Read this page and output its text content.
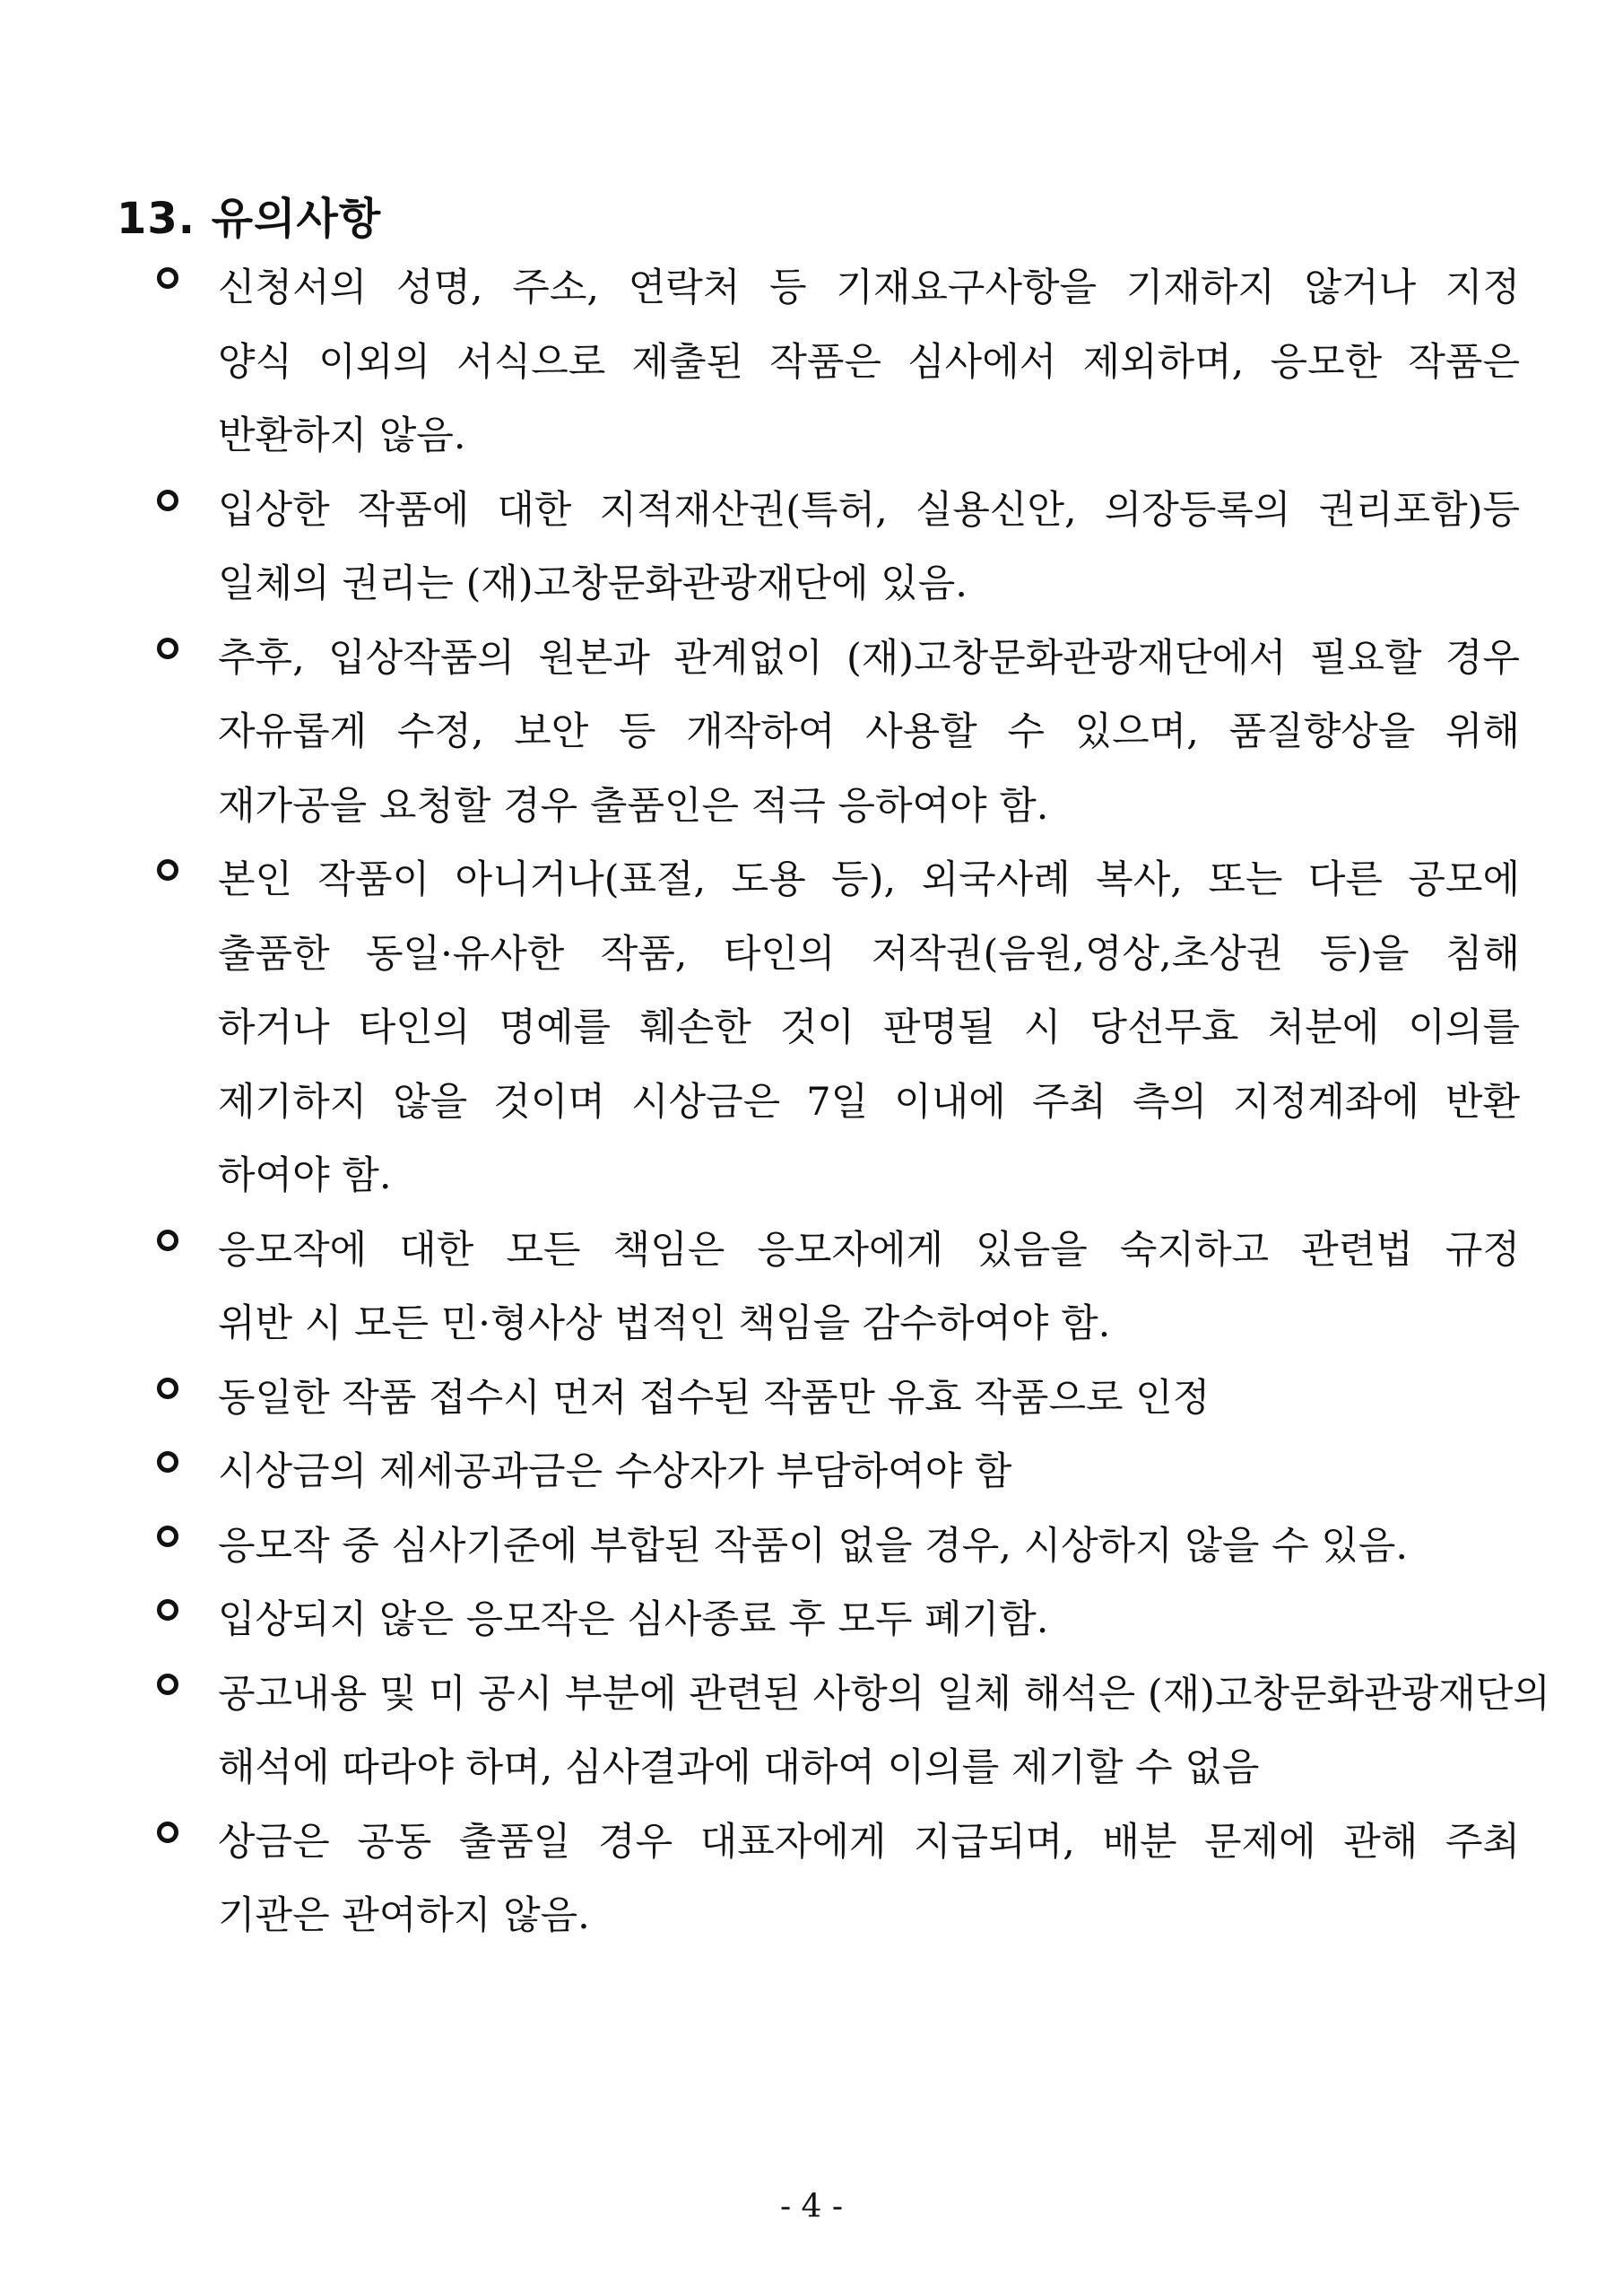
13. 유의사항
신청서의 성명, 주소, 연락처 등 기재요구사항을 기재하지 않거나 지정
양식 이외의 서식으로 제출된 작품은 심사에서 제외하며, 응모한 작품은
반환하지 않음.
입상한 작품에 대한 지적재산권(특허, 실용신안, 의장등록의 권리포함)등
일체의 권리는 (재)고창문화관광재단에 있음.
추후, 입상작품의 원본과 관계없이 (재)고창문화관광재단에서 필요할 경우
자유롭게 수정, 보안 등 개작하여 사용할 수 있으며, 품질향상을 위해
재가공을 요청할 경우 출품인은 적극 응하여야 함.
본인 작품이 아니거나(표절, 도용 등), 외국사례 복사, 또는 다른 공모에
출품한 동일·유사한 작품, 타인의 저작권(음원,영상,초상권 등)을 침해
하거나 타인의 명예를 훼손한 것이 판명될 시 당선무효 처분에 이의를
제기하지 않을 것이며 시상금은 7일 이내에 주최 측의 지정계좌에 반환
하여야 함.
응모작에 대한 모든 책임은 응모자에게 있음을 숙지하고 관련법 규정
위반 시 모든 민·형사상 법적인 책임을 감수하여야 함.
동일한 작품 접수시 먼저 접수된 작품만 유효 작품으로 인정
시상금의 제세공과금은 수상자가 부담하여야 함
응모작 중 심사기준에 부합된 작품이 없을 경우, 시상하지 않을 수 있음.
입상되지 않은 응모작은 심사종료 후 모두 폐기함.
공고내용 및 미 공시 부분에 관련된 사항의 일체 해석은 (재)고창문화관광재단의
해석에 따라야 하며, 심사결과에 대하여 이의를 제기할 수 없음
상금은 공동 출품일 경우 대표자에게 지급되며, 배분 문제에 관해 주최
기관은 관여하지 않음.
- 4 -
